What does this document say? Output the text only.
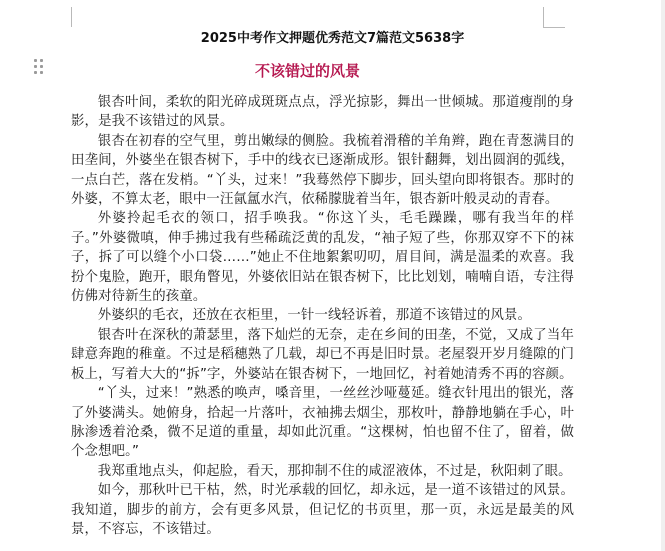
2025中考作文押题优秀范文7篇范文5638字
不该错过的风景

银杏叶间，柔软的阳光碎成斑斑点点，浮光掠影，舞出一世倾城。那道瘦削的身影，是我不该错过的风景。

银杏在初春的空气里，剪出嫩绿的侧脸。我梳着滑稽的羊角辫，跑在青葱满目的田垄间，外婆坐在银杏树下，手中的线衣已逐渐成形。银针翻舞，划出圆润的弧线，一点白芒，落在发梢。“丫头，过来！”我蓦然停下脚步，回头望向即将银杏。那时的外婆，不算太老，眼中一汪氤氲水汽，依稀朦胧着当年，银杏新叶般灵动的青春。

外婆拎起毛衣的领口，招手唤我。“你这丫头，毛毛躁躁，哪有我当年的样子。”外婆微嗔，伸手拂过我有些稀疏泛黄的乱发，“袖子短了些，你那双穿不下的袜子，拆了可以缝个小口袋……”她止不住地絮絮叨叨，眉目间，满是温柔的欢喜。我扮个鬼脸，跑开，眼角瞥见，外婆依旧站在银杏树下，比比划划，喃喃自语，专注得仿佛对待新生的孩童。

外婆织的毛衣，还放在衣柜里，一针一线轻诉着，那道不该错过的风景。

银杏叶在深秋的萧瑟里，落下灿烂的无奈，走在乡间的田垄，不觉，又成了当年肆意奔跑的稚童。不过是稻穗熟了几载，却已不再是旧时景。老屋裂开岁月缝隙的门板上，写着大大的“拆”字，外婆站在银杏树下，一地回忆，衬着她清秀不再的容颜。

“丫头，过来！”熟悉的唤声，嗓音里，一丝丝沙哑蔓延。缝衣针甩出的银光，落了外婆满头。她俯身，拾起一片落叶，衣袖拂去烟尘，那枚叶，静静地躺在手心，叶脉渗透着沧桑，微不足道的重量，却如此沉重。“这棵树，怕也留不住了，留着，做个念想吧。”

我郑重地点头，仰起脸，看天，那抑制不住的咸涩液体，不过是，秋阳刺了眼。

如今，那秋叶已干枯，然，时光承载的回忆，却永远，是一道不该错过的风景。我知道，脚步的前方，会有更多风景，但记忆的书页里，那一页，永远是最美的风景，不容忘，不该错过。
